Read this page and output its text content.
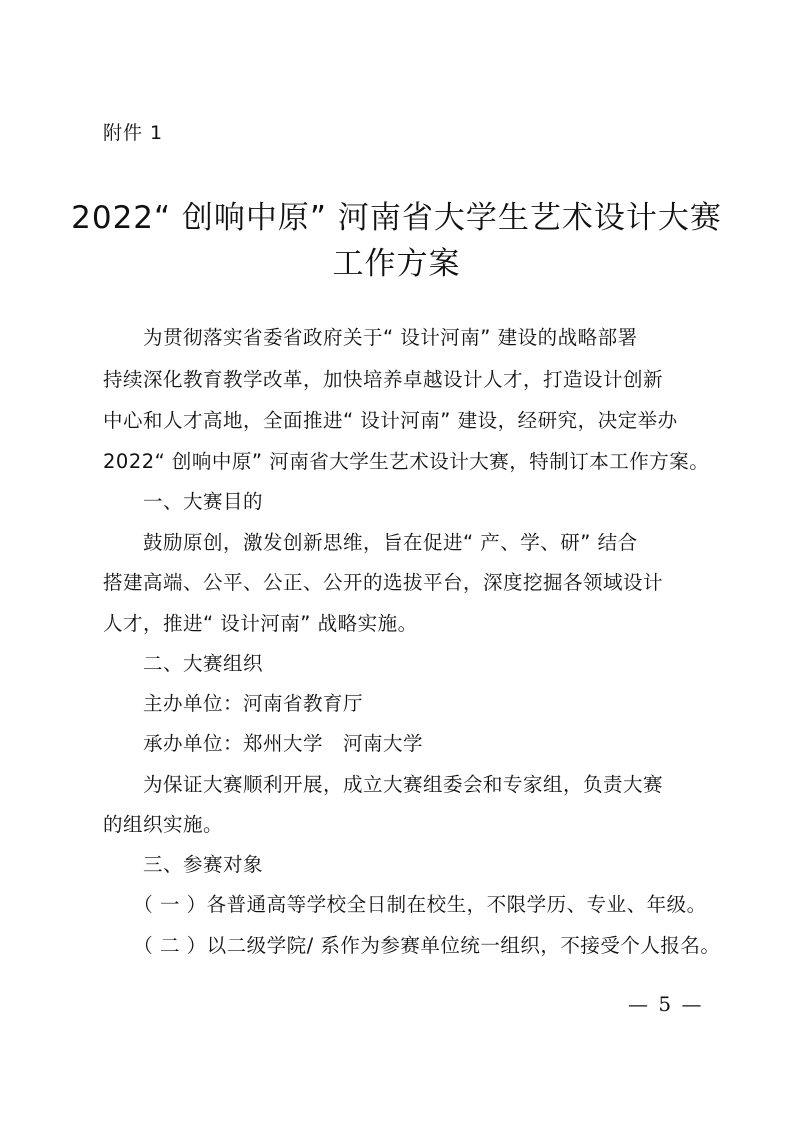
附件 1
2022“ 创响中原” 河南省大学生艺术设计大赛
工作方案
　　为贯彻落实省委省政府关于“ 设计河南” 建设的战略部署
持续深化教育教学改革，加快培养卓越设计人才，打造设计创新
中心和人才高地，全面推进“ 设计河南” 建设，经研究，决定举办
2022“ 创响中原” 河南省大学生艺术设计大赛，特制订本工作方案。
　　一、大赛目的
　　鼓励原创，激发创新思维，旨在促进“ 产、学、研” 结合
搭建高端、公平、公正、公开的选拔平台，深度挖掘各领域设计
人才，推进“ 设计河南” 战略实施。
　　二、大赛组织
　　主办单位：河南省教育厅
　　承办单位：郑州大学　河南大学
　　为保证大赛顺利开展，成立大赛组委会和专家组，负责大赛
的组织实施。
　　三、参赛对象
　　（ 一 ）各普通高等学校全日制在校生，不限学历、专业、年级。
　　（ 二 ）以二级学院/ 系作为参赛单位统一组织，不接受个人报名。
— 5 —
